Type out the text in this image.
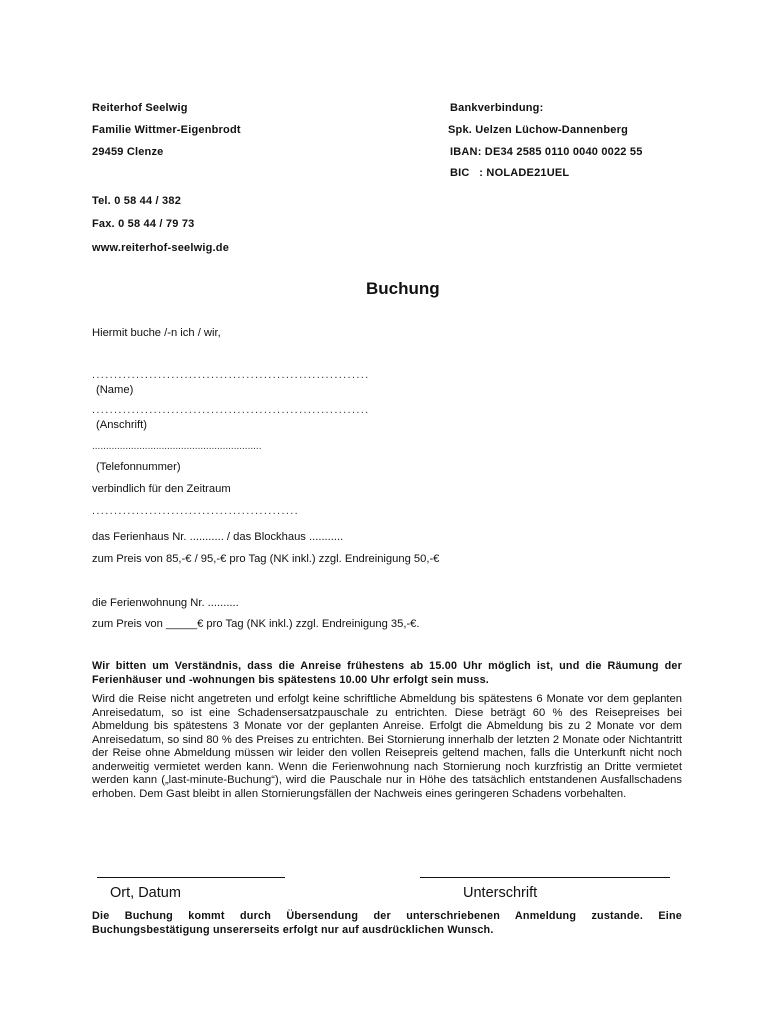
Reiterhof Seelwig
Familie Wittmer-Eigenbrodt
29459 Clenze
Bankverbindung:
Spk. Uelzen Lüchow-Dannenberg
IBAN: DE34 2585 0110 0040 0022 55
BIC   : NOLADE21UEL
Tel. 0 58 44 / 382
Fax. 0 58 44 / 79 73
www.reiterhof-seelwig.de
Buchung
Hiermit buche /-n ich / wir,
...............................................................
(Name)
...............................................................
(Anschrift)
.............................................................
(Telefonnummer)
verbindlich für den Zeitraum
...............................................
das Ferienhaus Nr. ........... / das Blockhaus ...........
zum Preis von 85,-€ / 95,-€ pro Tag (NK inkl.) zzgl. Endreinigung 50,-€
die Ferienwohnung Nr. ..........
zum Preis von _____€ pro Tag (NK inkl.) zzgl. Endreinigung 35,-€.
Wir bitten um Verständnis, dass die Anreise frühestens ab 15.00 Uhr möglich ist, und die Räumung der Ferienhäuser und -wohnungen bis spätestens 10.00 Uhr erfolgt sein muss.
Wird die Reise nicht angetreten und erfolgt keine schriftliche Abmeldung bis spätestens 6 Monate vor dem geplanten Anreisedatum, so ist eine Schadensersatzpauschale zu entrichten. Diese beträgt 60 % des Reisepreises bei Abmeldung bis spätestens 3 Monate vor der geplanten Anreise. Erfolgt die Abmeldung bis zu 2 Monate vor dem Anreisedatum, so sind 80 % des Preises zu entrichten. Bei Stornierung innerhalb der letzten 2 Monate oder Nichtantritt der Reise ohne Abmeldung müssen wir leider den vollen Reisepreis geltend machen, falls die Unterkunft nicht noch anderweitig vermietet werden kann. Wenn die Ferienwohnung nach Stornierung noch kurzfristig an Dritte vermietet werden kann („last-minute-Buchung“), wird die Pauschale nur in Höhe des tatsächlich entstandenen Ausfallschadens erhoben. Dem Gast bleibt in allen Stornierungsfällen der Nachweis eines geringeren Schadens vorbehalten.
Ort, Datum	Unterschrift
Die Buchung kommt durch Übersendung der unterschriebenen Anmeldung zustande. Eine Buchungsbestätigung unsererseits erfolgt nur auf ausdrücklichen Wunsch.
